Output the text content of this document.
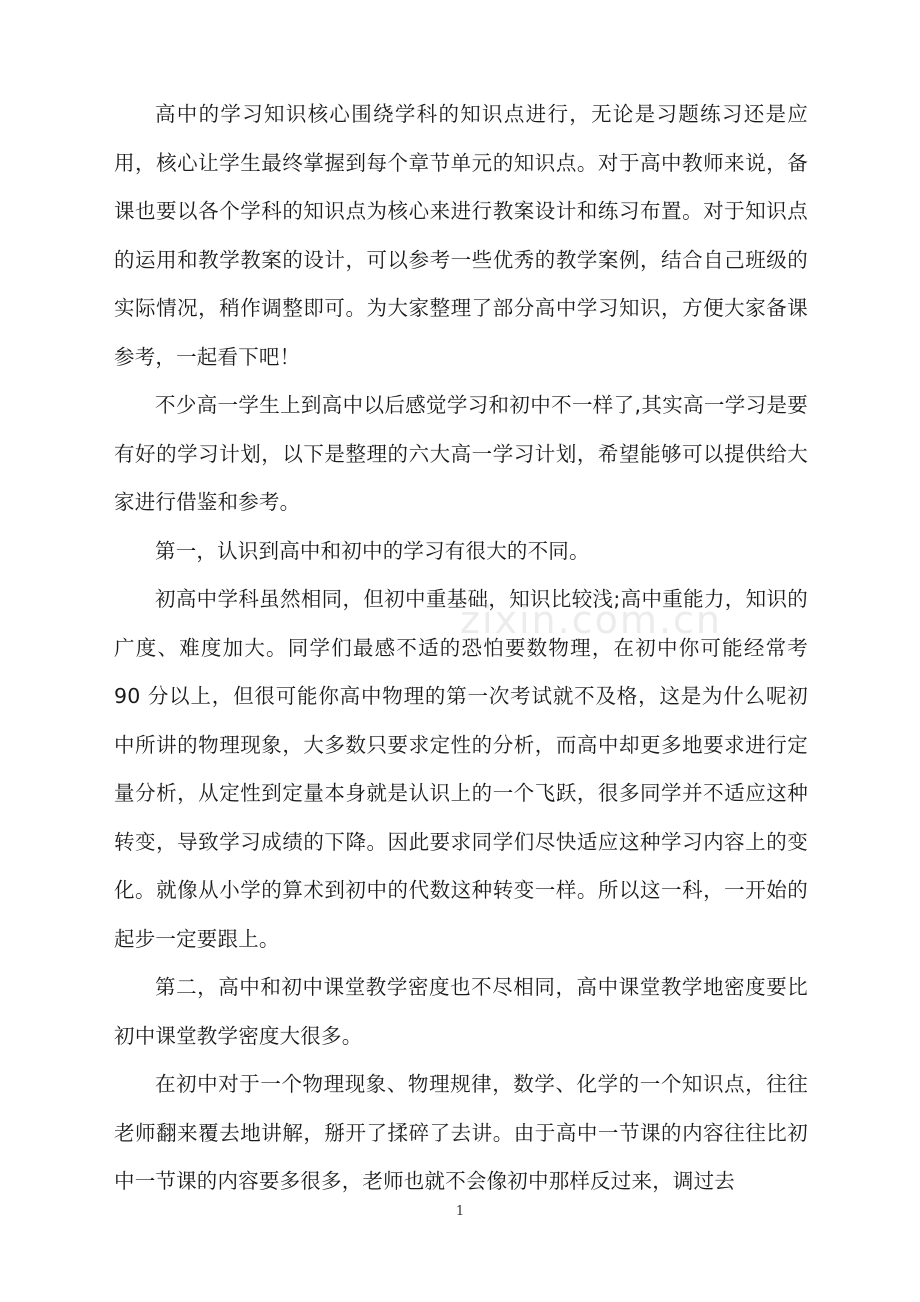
高中的学习知识核心围绕学科的知识点进行，无论是习题练习还是应用，核心让学生最终掌握到每个章节单元的知识点。对于高中教师来说，备课也要以各个学科的知识点为核心来进行教案设计和练习布置。对于知识点的运用和教学教案的设计，可以参考一些优秀的教学案例，结合自己班级的实际情况，稍作调整即可。为大家整理了部分高中学习知识，方便大家备课参考，一起看下吧！

不少高一学生上到高中以后感觉学习和初中不一样了,其实高一学习是要有好的学习计划，以下是整理的六大高一学习计划，希望能够可以提供给大家进行借鉴和参考。

第一，认识到高中和初中的学习有很大的不同。

初高中学科虽然相同，但初中重基础，知识比较浅;高中重能力，知识的广度、难度加大。同学们最感不适的恐怕要数物理，在初中你可能经常考 90 分以上，但很可能你高中物理的第一次考试就不及格，这是为什么呢初中所讲的物理现象，大多数只要求定性的分析，而高中却更多地要求进行定量分析，从定性到定量本身就是认识上的一个飞跃，很多同学并不适应这种转变，导致学习成绩的下降。因此要求同学们尽快适应这种学习内容上的变化。就像从小学的算术到初中的代数这种转变一样。所以这一科，一开始的起步一定要跟上。

第二，高中和初中课堂教学密度也不尽相同，高中课堂教学地密度要比初中课堂教学密度大很多。

在初中对于一个物理现象、物理规律，数学、化学的一个知识点，往往老师翻来覆去地讲解，掰开了揉碎了去讲。由于高中一节课的内容往往比初中一节课的内容要多很多，老师也就不会像初中那样反过来，调过去

zixin.com.cn
1
